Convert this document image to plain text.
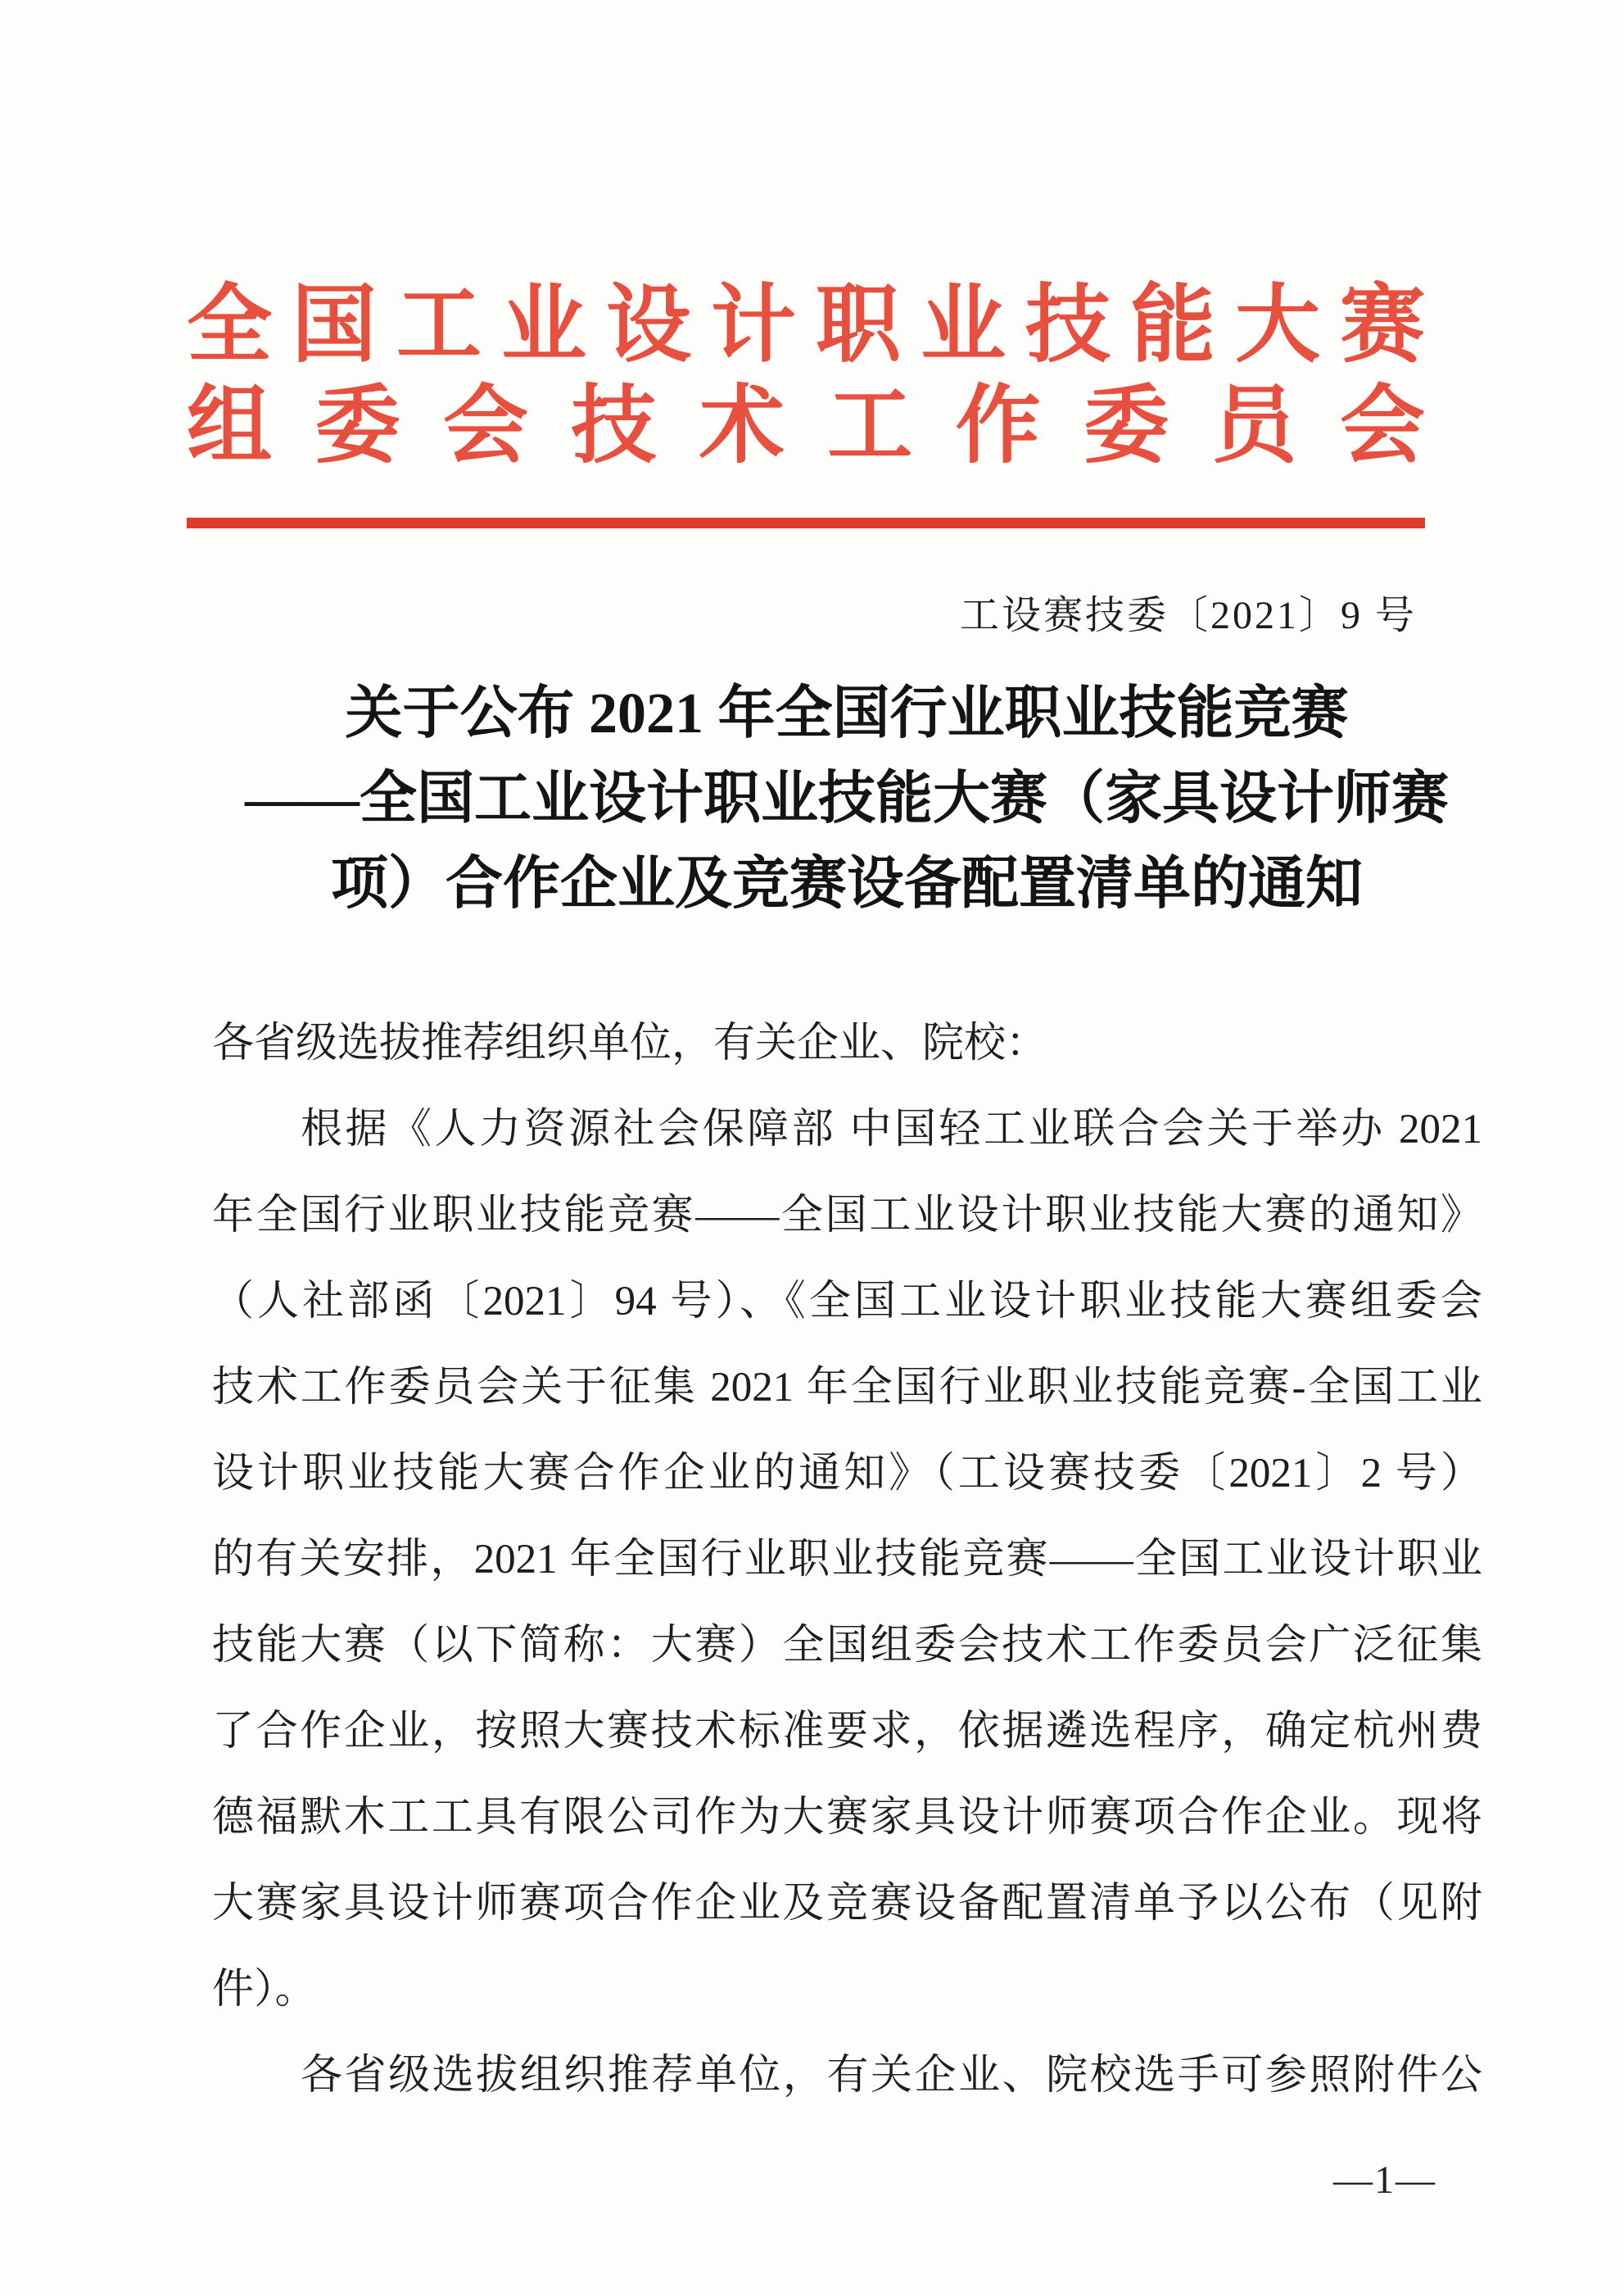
全国工业设计职业技能大赛
组委会技术工作委员会
工设赛技委〔2021〕9 号
关于公布 2021 年全国行业职业技能竞赛
——全国工业设计职业技能大赛（家具设计师赛
项）合作企业及竞赛设备配置清单的通知
各省级选拔推荐组织单位，有关企业、院校：
根据《人力资源社会保障部 中国轻工业联合会关于举办 2021
年全国行业职业技能竞赛——全国工业设计职业技能大赛的通知》
（人社部函〔2021〕94 号）、《全国工业设计职业技能大赛组委会
技术工作委员会关于征集 2021 年全国行业职业技能竞赛-全国工业
设计职业技能大赛合作企业的通知》（工设赛技委〔2021〕2 号）
的有关安排，2021 年全国行业职业技能竞赛——全国工业设计职业
技能大赛（以下简称：大赛）全国组委会技术工作委员会广泛征集
了合作企业，按照大赛技术标准要求，依据遴选程序，确定杭州费
德福默木工工具有限公司作为大赛家具设计师赛项合作企业。现将
大赛家具设计师赛项合作企业及竞赛设备配置清单予以公布（见附
件）。
各省级选拔组织推荐单位，有关企业、院校选手可参照附件公
—1—
